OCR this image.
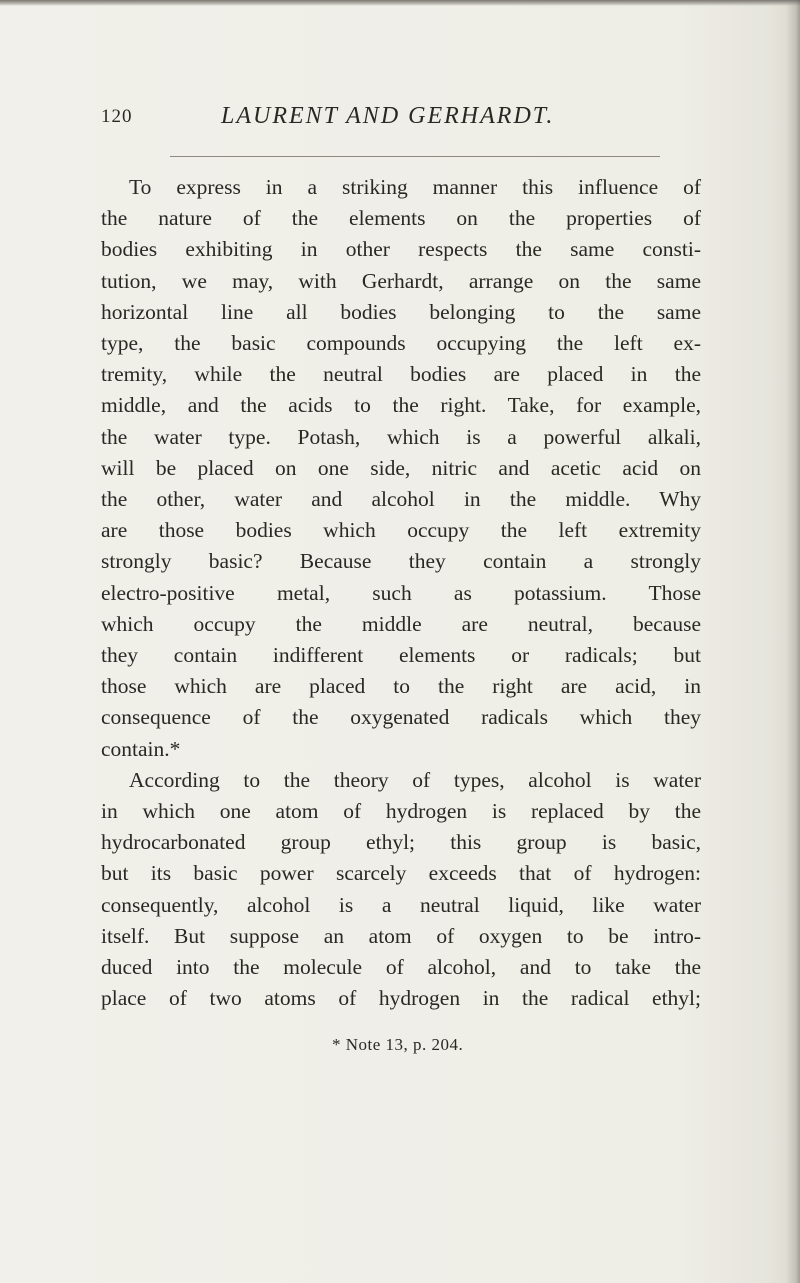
120	LAURENT AND GERHARDT.
To express in a striking manner this influence of
the nature of the elements on the properties of
bodies exhibiting in other respects the same consti-
tution, we may, with Gerhardt, arrange on the same
horizontal line all bodies belonging to the same
type, the basic compounds occupying the left ex-
tremity, while the neutral bodies are placed in the
middle, and the acids to the right. Take, for example,
the water type. Potash, which is a powerful alkali,
will be placed on one side, nitric and acetic acid on
the other, water and alcohol in the middle. Why
are those bodies which occupy the left extremity
strongly basic? Because they contain a strongly
electro-positive metal, such as potassium. Those
which occupy the middle are neutral, because
they contain indifferent elements or radicals; but
those which are placed to the right are acid, in
consequence of the oxygenated radicals which they
contain.*
According to the theory of types, alcohol is water
in which one atom of hydrogen is replaced by the
hydrocarbonated group ethyl; this group is basic,
but its basic power scarcely exceeds that of hydrogen:
consequently, alcohol is a neutral liquid, like water
itself. But suppose an atom of oxygen to be intro-
duced into the molecule of alcohol, and to take the
place of two atoms of hydrogen in the radical ethyl;
* Note 13, p. 204.
